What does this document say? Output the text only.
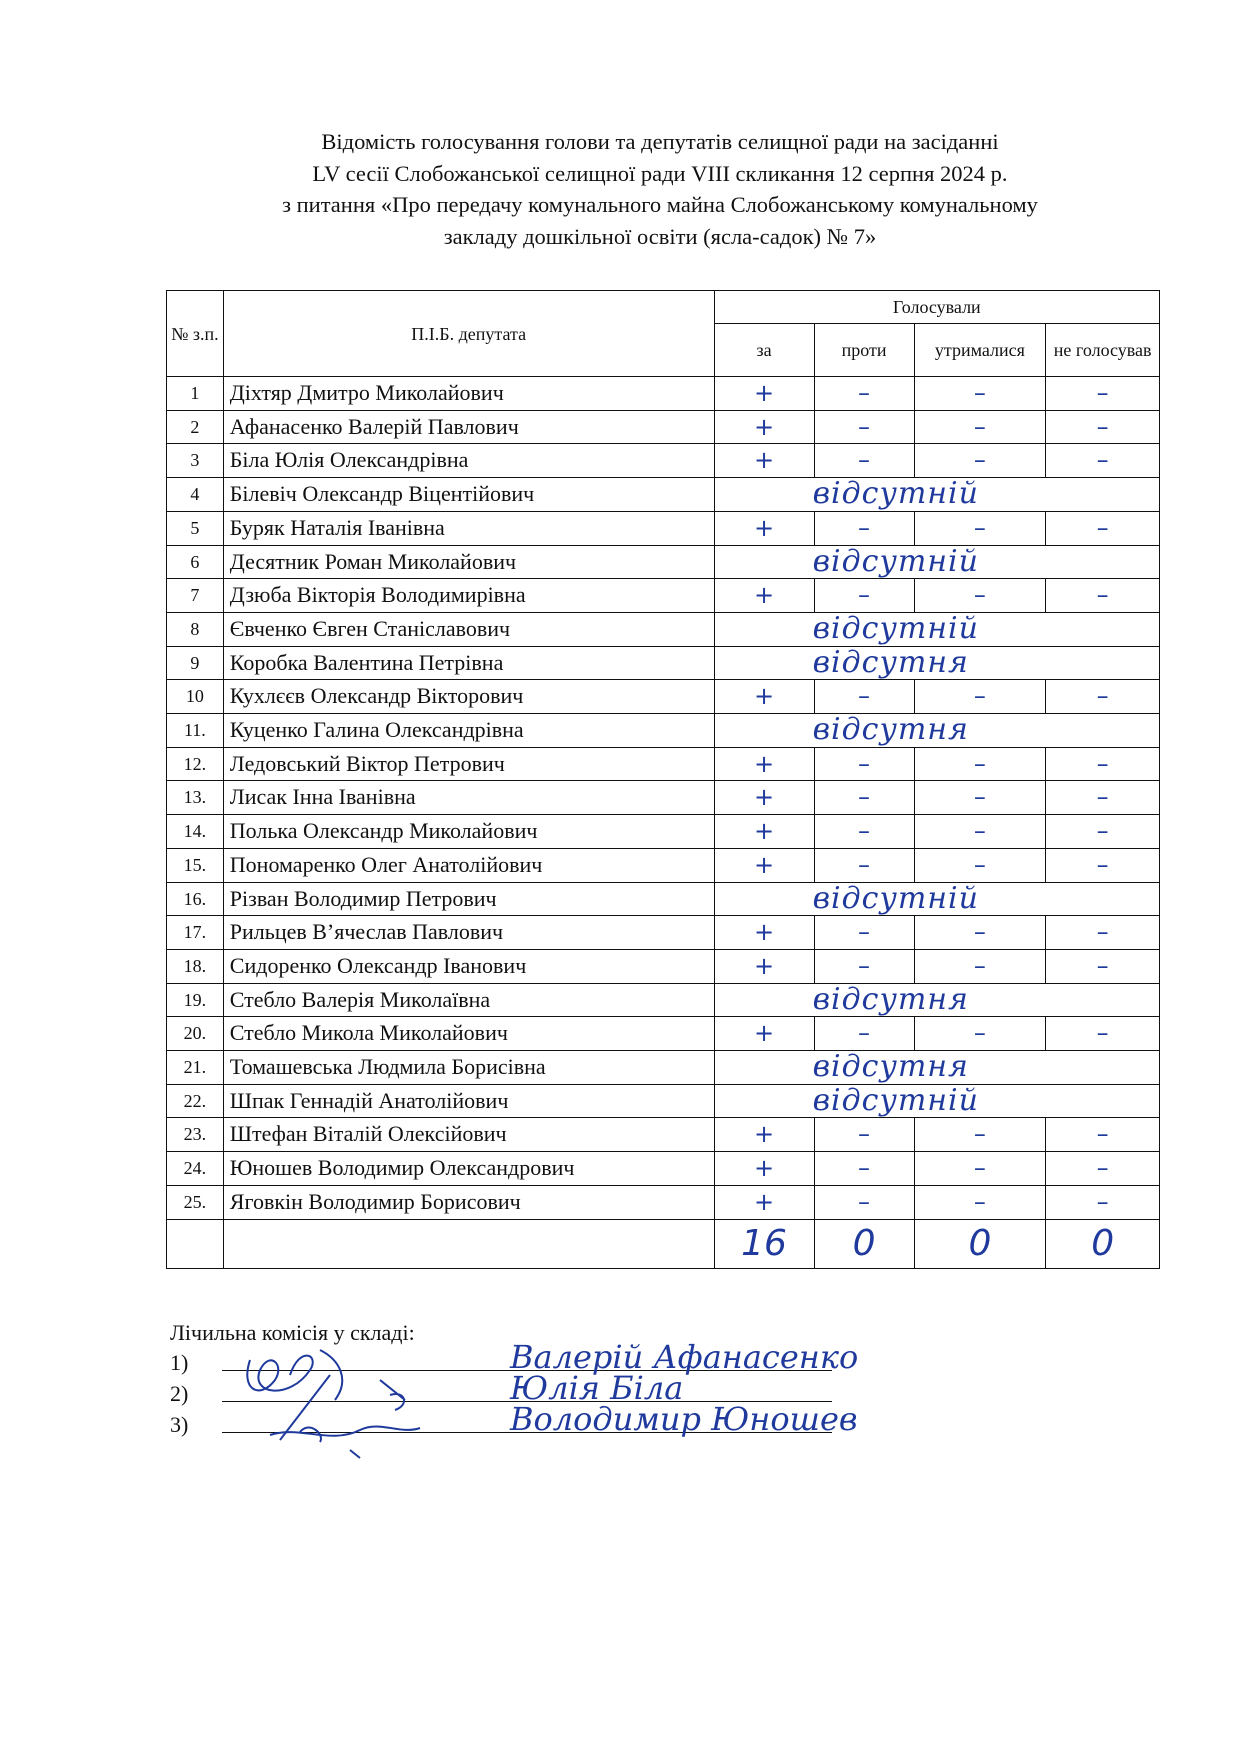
Відомість голосування голови та депутатів селищної ради на засіданні
LV сесії Слобожанської селищної ради VIII скликання 12 серпня 2024 р.
з питання «Про передачу комунального майна Слобожанському комунальному
закладу дошкільної освіти (ясла-садок) № 7»
№ з.п.	П.І.Б. депутата	Голосували			
		за	проти	утрималися	не голосував
1	Діхтяр Дмитро Миколайович	+	–	–	–
2	Афанасенко Валерій Павлович	+	–	–	–
3	Біла Юлія Олександрівна	+	–	–	–
4	Білевіч Олександр Віцентійович	відсутній			
5	Буряк Наталія Іванівна	+	–	–	–
6	Десятник Роман Миколайович	відсутній			
7	Дзюба Вікторія Володимирівна	+	–	–	–
8	Євченко Євген Станіславович	відсутній			
9	Коробка Валентина Петрівна	відсутня			
10	Кухлєєв Олександр Вікторович	+	–	–	–
11.	Куценко Галина Олександрівна	відсутня			
12.	Ледовський Віктор Петрович	+	–	–	–
13.	Лисак Інна Іванівна	+	–	–	–
14.	Полька Олександр Миколайович	+	–	–	–
15.	Пономаренко Олег Анатолійович	+	–	–	–
16.	Різван Володимир Петрович	відсутній			
17.	Рильцев В’ячеслав Павлович	+	–	–	–
18.	Сидоренко Олександр Іванович	+	–	–	–
19.	Стебло Валерія Миколаївна	відсутня			
20.	Стебло Микола Миколайович	+	–	–	–
21.	Томашевська Людмила Борисівна	відсутня			
22.	Шпак Геннадій Анатолійович	відсутній			
23.	Штефан Віталій Олексійович	+	–	–	–
24.	Юношев Володимир Олександрович	+	–	–	–
25.	Яговкін Володимир Борисович	+	–	–	–
		16	0	0	0
Лічильна комісія у складі:
1)	Валерій Афанасенко
2)	Юлія Біла
3)	Володимир Юношев
